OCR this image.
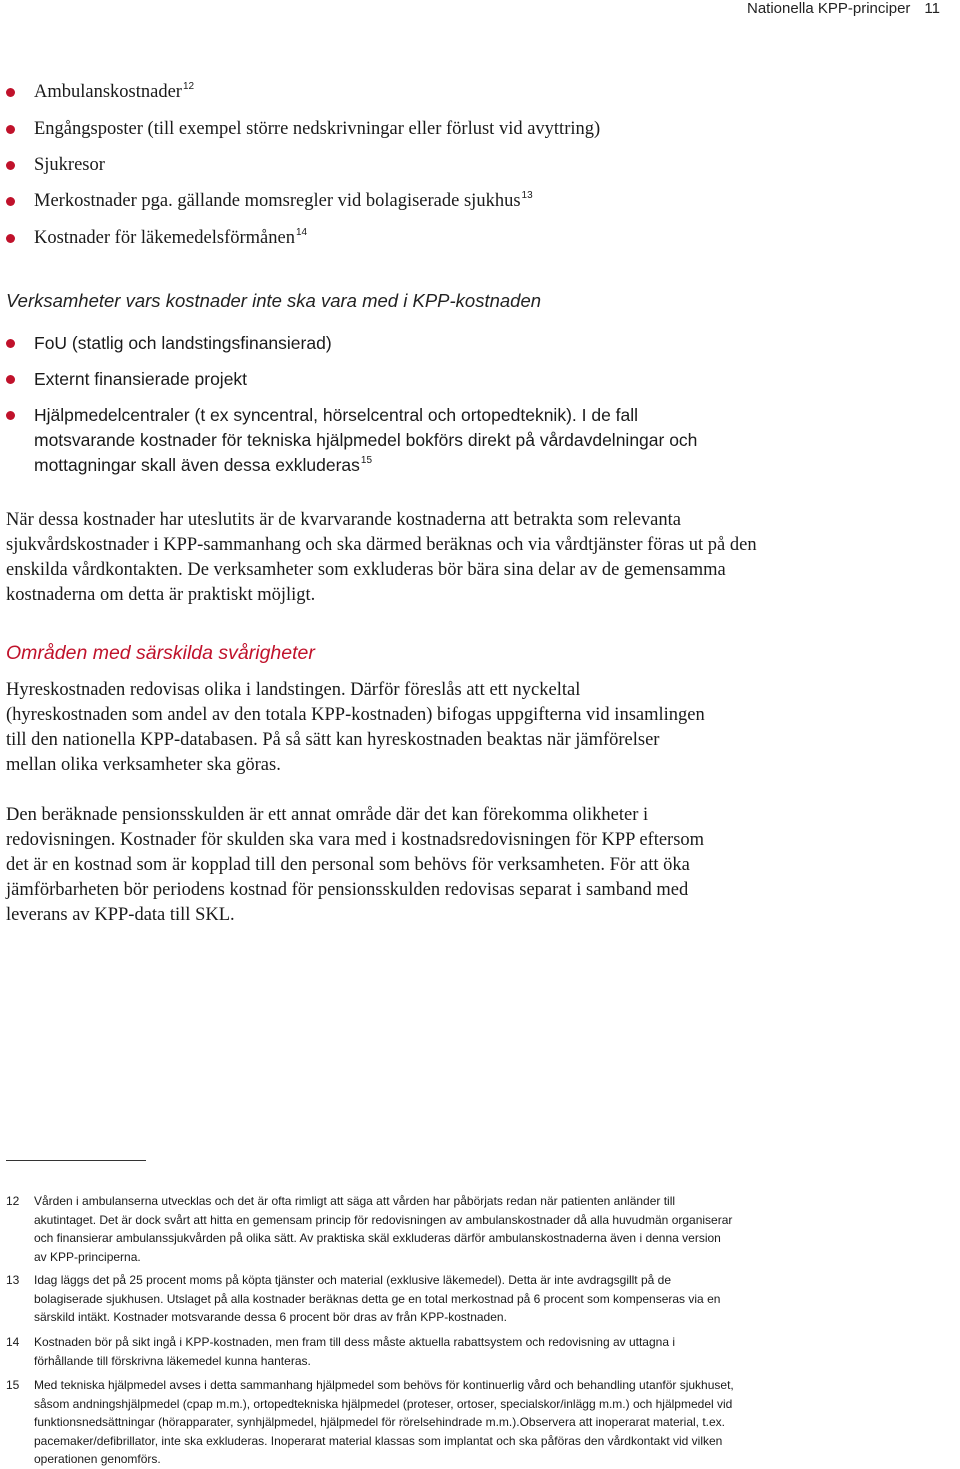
Nationella KPP-principer 11
Ambulanskostnader$^{12}$
Engångsposter (till exempel större nedskrivningar eller förlust vid avyttring)
Sjukresor
Merkostnader pga. gällande momsregler vid bolagiserade sjukhus$^{13}$
Kostnader för läkemedelsförmånen$^{14}$
Verksamheter vars kostnader inte ska vara med i KPP-kostnaden
FoU (statlig och landstingsfinansierad)
Externt finansierade projekt
Hjälpmedelcentraler (t ex syncentral, hörselcentral och ortopedteknik). I de fall motsvarande kostnader för tekniska hjälpmedel bokförs direkt på vårdavdelningar och mottagningar skall även dessa exkluderas$^{15}$
När dessa kostnader har uteslutits är de kvarvarande kostnaderna att betrakta som relevanta sjukvårdskostnader i KPP-sammanhang och ska därmed beräknas och via vårdtjänster föras ut på den enskilda vårdkontakten. De verksamheter som exkluderas bör bära sina delar av de gemensamma kostnaderna om detta är praktiskt möjligt.
Områden med särskilda svårigheter
Hyreskostnaden redovisas olika i landstingen. Därför föreslås att ett nyckeltal (hyreskostnaden som andel av den totala KPP-kostnaden) bifogas uppgifterna vid insamlingen till den nationella KPP-databasen. På så sätt kan hyreskostnaden beaktas när jämförelser mellan olika verksamheter ska göras.
Den beräknade pensionsskulden är ett annat område där det kan förekomma olikheter i redovisningen. Kostnader för skulden ska vara med i kostnadsredovisningen för KPP eftersom det är en kostnad som är kopplad till den personal som behövs för verksamheten. För att öka jämförbarheten bör periodens kostnad för pensionsskulden redovisas separat i samband med leverans av KPP-data till SKL.
12 Vården i ambulanserna utvecklas och det är ofta rimligt att säga att vården har påbörjats redan när patienten anländer till akutintaget. Det är dock svårt att hitta en gemensam princip för redovisningen av ambulanskostnader då alla huvudmän organiserar och finansierar ambulanssjukvården på olika sätt. Av praktiska skäl exkluderas därför ambulanskostnaderna även i denna version av KPP-principerna.
13 Idag läggs det på 25 procent moms på köpta tjänster och material (exklusive läkemedel). Detta är inte avdragsgillt på de bolagiserade sjukhusen. Utslaget på alla kostnader beräknas detta ge en total merkostnad på 6 procent som kompenseras via en särskild intäkt. Kostnader motsvarande dessa 6 procent bör dras av från KPP-kostnaden.
14 Kostnaden bör på sikt ingå i KPP-kostnaden, men fram till dess måste aktuella rabattsystem och redovisning av uttagna i förhållande till förskrivna läkemedel kunna hanteras.
15 Med tekniska hjälpmedel avses i detta sammanhang hjälpmedel som behövs för kontinuerlig vård och behandling utanför sjukhuset, såsom andningshjälpmedel (cpap m.m.), ortopedtekniska hjälpmedel (proteser, ortoser, specialskor/inlägg m.m.) och hjälpmedel vid funktionsnedsättningar (hörapparater, synhjälpmedel, hjälpmedel för rörelsehindrade m.m.).Observera att inoperarat material, t.ex. pacemaker/defibrillator, inte ska exkluderas. Inoperarat material klassas som implantat och ska påföras den vårdkontakt vid vilken operationen genomförs.
